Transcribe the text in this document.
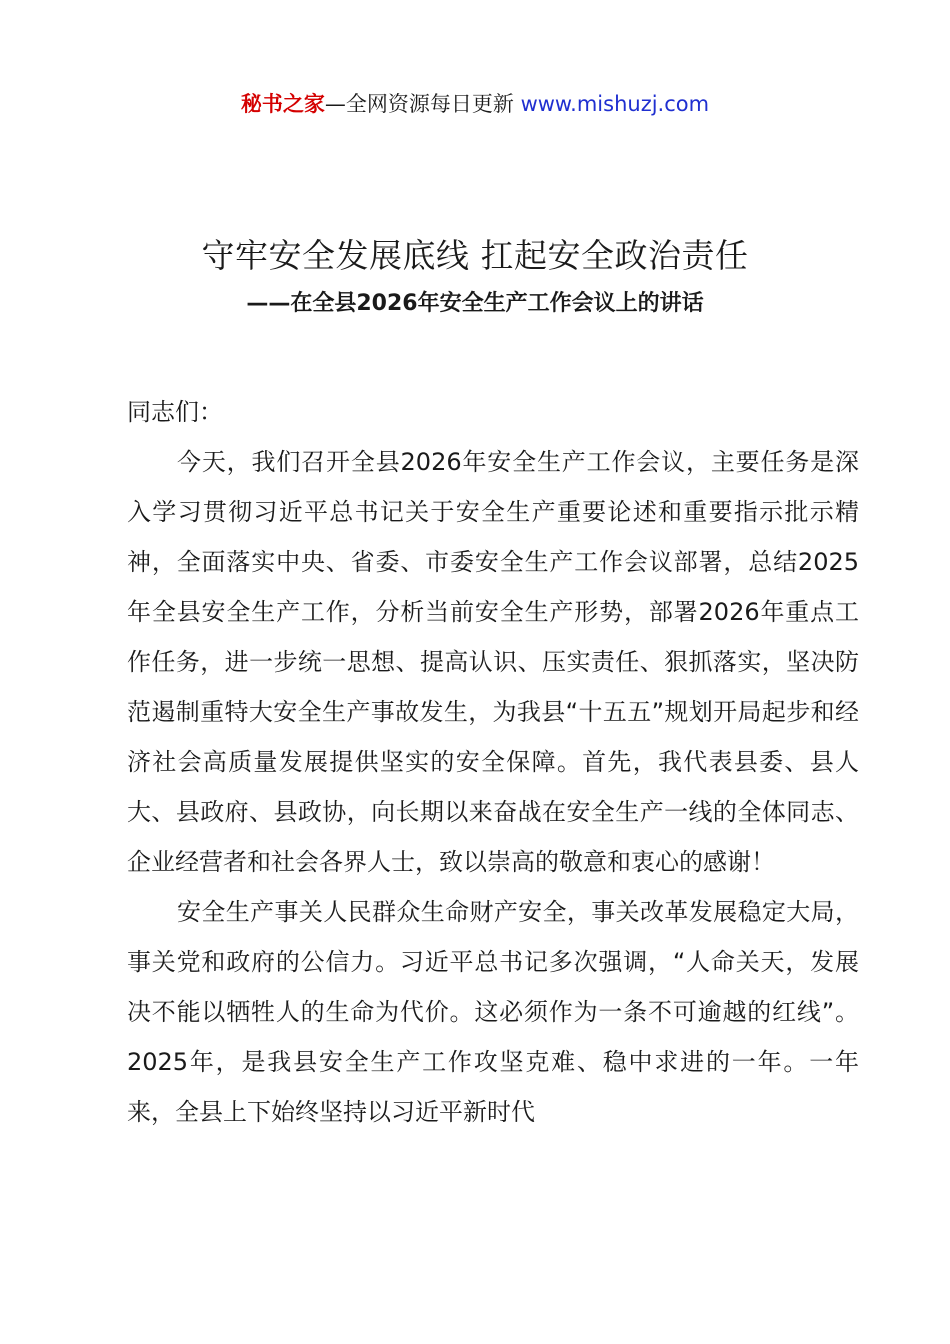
秘书之家—全网资源每日更新 www.mishuzj.com
守牢安全发展底线 扛起安全政治责任
——在全县2026年安全生产工作会议上的讲话

同志们：

今天，我们召开全县2026年安全生产工作会议，主要任务是深入学习贯彻习近平总书记关于安全生产重要论述和重要指示批示精神，全面落实中央、省委、市委安全生产工作会议部署，总结2025年全县安全生产工作，分析当前安全生产形势，部署2026年重点工作任务，进一步统一思想、提高认识、压实责任、狠抓落实，坚决防范遏制重特大安全生产事故发生，为我县“十五五”规划开局起步和经济社会高质量发展提供坚实的安全保障。首先，我代表县委、县人大、县政府、县政协，向长期以来奋战在安全生产一线的全体同志、企业经营者和社会各界人士，致以崇高的敬意和衷心的感谢！

安全生产事关人民群众生命财产安全，事关改革发展稳定大局，事关党和政府的公信力。习近平总书记多次强调，“人命关天，发展决不能以牺牲人的生命为代价。这必须作为一条不可逾越的红线”。2025年，是我县安全生产工作攻坚克难、稳中求进的一年。一年来，全县上下始终坚持以习近平新时代
